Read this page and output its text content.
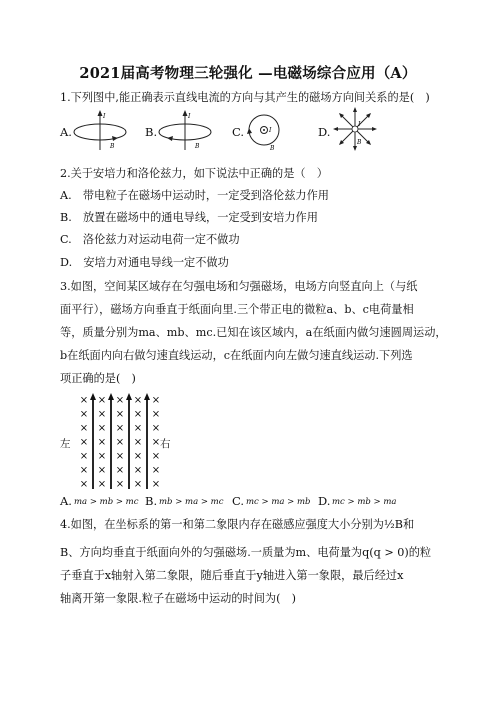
2021届高考物理三轮强化 —电磁场综合应用（A）
1.下列图中,能正确表示直线电流的方向与其产生的磁场方向间关系的是(　)
A.
I
B
B.
I
B
C.	I
B
D.
I
B
2.关于安培力和洛伦兹力，如下说法中正确的是（　）
A.　带电粒子在磁场中运动时，一定受到洛伦兹力作用
B.　放置在磁场中的通电导线，一定受到安培力作用
C.　洛伦兹力对运动电荷一定不做功
D.　安培力对通电导线一定不做功
3.如图，空间某区域存在匀强电场和匀强磁场，电场方向竖直向上（与纸
面平行），磁场方向垂直于纸面向里.三个带正电的微粒a、b、c电荷量相
等，质量分别为ma、mb、mc.已知在该区域内，a在纸面内做匀速圆周运动，
b在纸面内向右做匀速直线运动，c在纸面内向左做匀速直线运动.下列选
项正确的是(　)
×
×
×
×
×
×
×
×
×
×
×
×
×
×
×
×
×
×
×
×
×
×
×
×
×
×
×
×
×
×
×
×
×
×
×
左	右
A. ma > mb > mc B. mb > ma > mc C. mc > ma > mb D. mc > mb > ma
4.如图，在坐标系的第一和第二象限内存在磁感应强度大小分别为½B和
B、方向均垂直于纸面向外的匀强磁场.一质量为m、电荷量为q(q > 0)的粒
子垂直于x轴射入第二象限，随后垂直于y轴进入第一象限，最后经过x
轴离开第一象限.粒子在磁场中运动的时间为(　)
